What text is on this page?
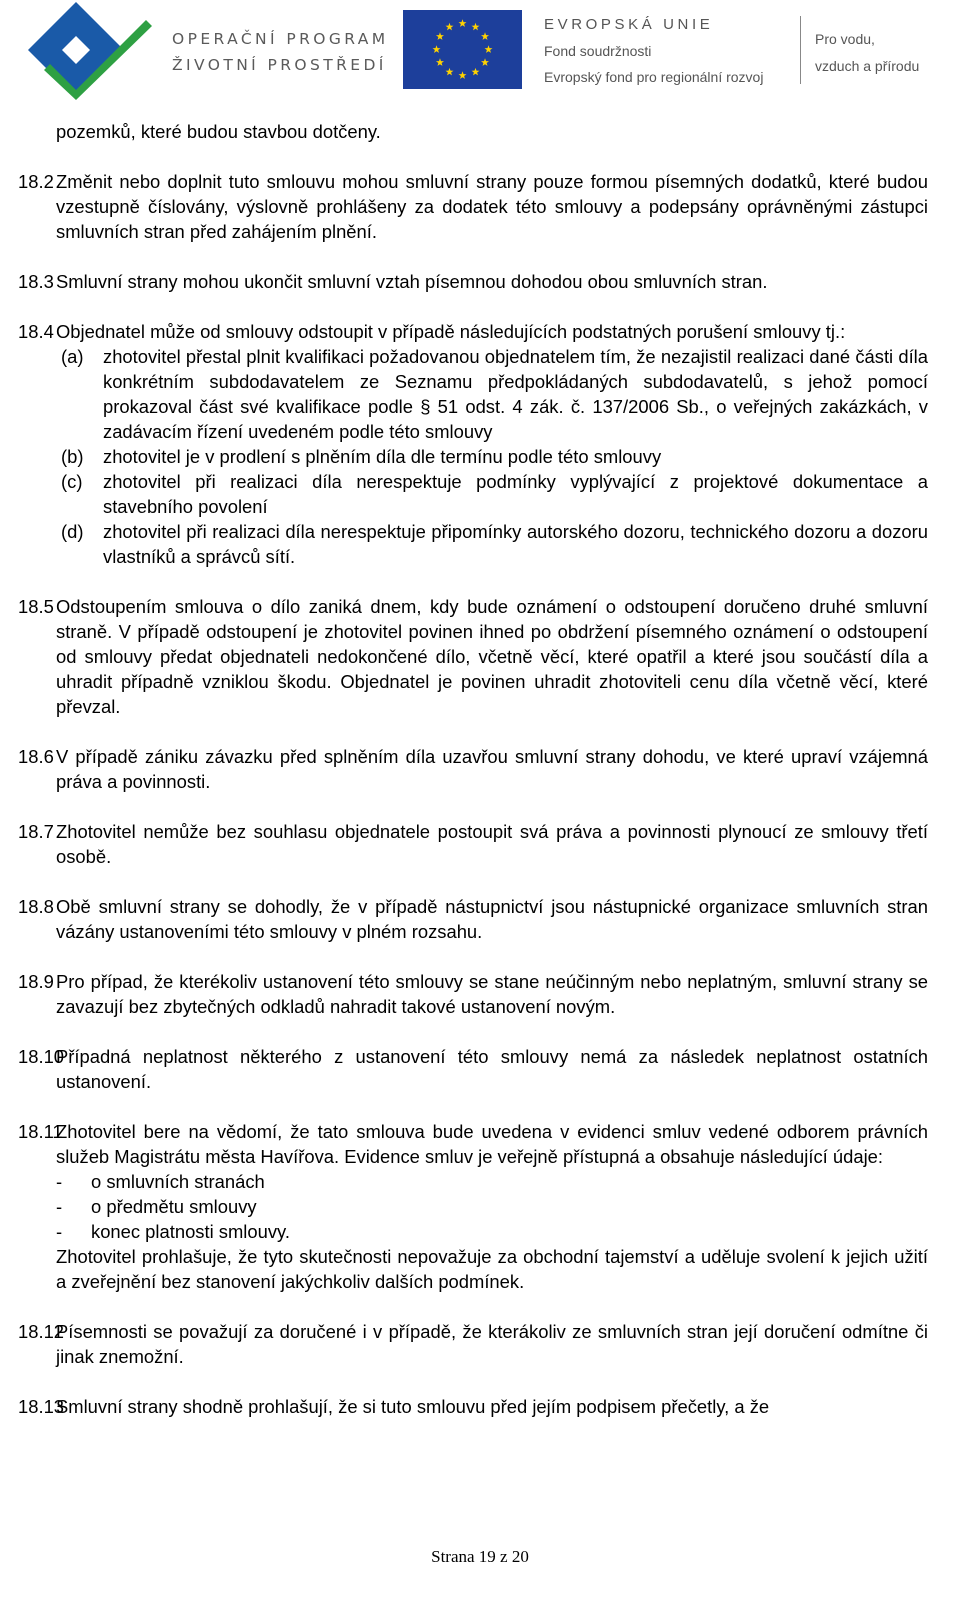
OPERAČNÍ PROGRAM
ŽIVOTNÍ PROSTŘEDÍ
EVROPSKÁ UNIE
Fond soudržnosti
Evropský fond pro regionální rozvoj
Pro vodu,
vzduch a přírodu
pozemků, které budou stavbou dotčeny.
18.2 Změnit nebo doplnit tuto smlouvu mohou smluvní strany pouze formou písemných dodatků, které budou vzestupně číslovány, výslovně prohlášeny za dodatek této smlouvy a podepsány oprávněnými zástupci smluvních stran před zahájením plnění.
18.3 Smluvní strany mohou ukončit smluvní vztah písemnou dohodou obou smluvních stran.
18.4 Objednatel může od smlouvy odstoupit v případě následujících podstatných porušení smlouvy tj.:
(a)	zhotovitel přestal plnit kvalifikaci požadovanou objednatelem tím, že nezajistil realizaci dané části díla konkrétním subdodavatelem ze Seznamu předpokládaných subdodavatelů, s jehož pomocí prokazoval část své kvalifikace podle § 51 odst. 4 zák. č. 137/2006 Sb., o veřejných zakázkách, v zadávacím řízení uvedeném podle této smlouvy
(b)	zhotovitel je v prodlení s plněním díla dle termínu podle této smlouvy
(c)	zhotovitel při realizaci díla nerespektuje podmínky vyplývající z projektové dokumentace a stavebního povolení
(d)	zhotovitel při realizaci díla nerespektuje připomínky autorského dozoru, technického dozoru a dozoru vlastníků a správců sítí.
18.5 Odstoupením smlouva o dílo zaniká dnem, kdy bude oznámení o odstoupení doručeno druhé smluvní straně. V případě odstoupení je zhotovitel povinen ihned po obdržení písemného oznámení o odstoupení od smlouvy předat objednateli nedokončené dílo, včetně věcí, které opatřil a které jsou součástí díla a uhradit případně vzniklou škodu. Objednatel je povinen uhradit zhotoviteli cenu díla včetně věcí, které převzal.
18.6 V případě zániku závazku před splněním díla uzavřou smluvní strany dohodu, ve které upraví vzájemná práva a povinnosti.
18.7 Zhotovitel nemůže bez souhlasu objednatele postoupit svá práva a povinnosti plynoucí ze smlouvy třetí osobě.
18.8 Obě smluvní strany se dohodly, že v případě nástupnictví jsou nástupnické organizace smluvních stran vázány ustanoveními této smlouvy v plném rozsahu.
18.9 Pro případ, že kterékoliv ustanovení této smlouvy se stane neúčinným nebo neplatným, smluvní strany se zavazují bez zbytečných odkladů nahradit takové ustanovení novým.
18.10
Případná neplatnost některého z ustanovení této smlouvy nemá za následek neplatnost ostatních ustanovení.
18.11
Zhotovitel bere na vědomí, že tato smlouva bude uvedena v evidenci smluv vedené odborem právních služeb Magistrátu města Havířova. Evidence smluv je veřejně přístupná a obsahuje následující údaje:
-	o smluvních stranách
-	o předmětu smlouvy
-	konec platnosti smlouvy.
Zhotovitel prohlašuje, že tyto skutečnosti nepovažuje za obchodní tajemství a uděluje svolení k jejich užití a zveřejnění bez stanovení jakýchkoliv dalších podmínek.
18.12
Písemnosti se považují za doručené i v případě, že kterákoliv ze smluvních stran její doručení odmítne či jinak znemožní.
18.13
Smluvní strany shodně prohlašují, že si tuto smlouvu před jejím podpisem přečetly, a že
Strana 19 z 20
